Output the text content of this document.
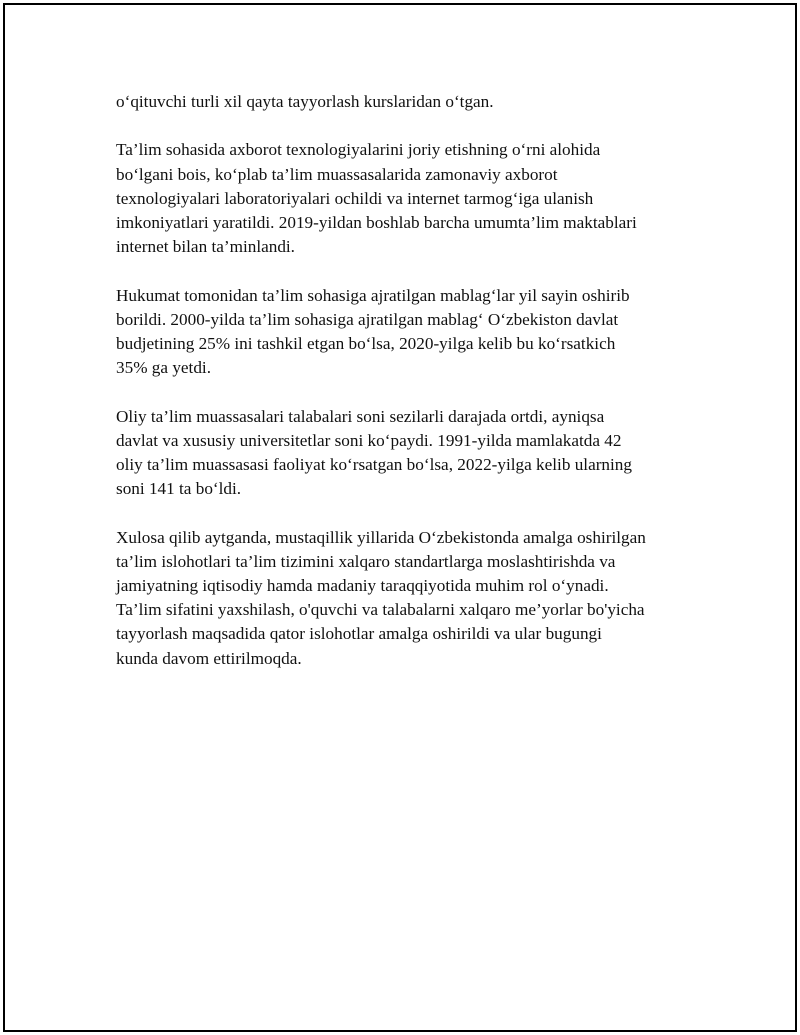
o‘qituvchi turli xil qayta tayyorlash kurslaridan o‘tgan.
Ta’lim sohasida axborot texnologiyalarini joriy etishning o‘rni alohida
bo‘lgani bois, ko‘plab ta’lim muassasalarida zamonaviy axborot
texnologiyalari laboratoriyalari ochildi va internet tarmog‘iga ulanish
imkoniyatlari yaratildi. 2019-yildan boshlab barcha umumta’lim maktablari
internet bilan ta’minlandi.
Hukumat tomonidan ta’lim sohasiga ajratilgan mablag‘lar yil sayin oshirib
borildi. 2000-yilda ta’lim sohasiga ajratilgan mablag‘ O‘zbekiston davlat
budjetining 25% ini tashkil etgan bo‘lsa, 2020-yilga kelib bu ko‘rsatkich
35% ga yetdi.
Oliy ta’lim muassasalari talabalari soni sezilarli darajada ortdi, ayniqsa
davlat va xususiy universitetlar soni ko‘paydi. 1991-yilda mamlakatda 42
oliy ta’lim muassasasi faoliyat ko‘rsatgan bo‘lsa, 2022-yilga kelib ularning
soni 141 ta bo‘ldi.
Xulosa qilib aytganda, mustaqillik yillarida O‘zbekistonda amalga oshirilgan
ta’lim islohotlari ta’lim tizimini xalqaro standartlarga moslashtirishda va
jamiyatning iqtisodiy hamda madaniy taraqqiyotida muhim rol o‘ynadi.
Ta’lim sifatini yaxshilash, o'quvchi va talabalarni xalqaro me’yorlar bo'yicha
tayyorlash maqsadida qator islohotlar amalga oshirildi va ular bugungi
kunda davom ettirilmoqda.
